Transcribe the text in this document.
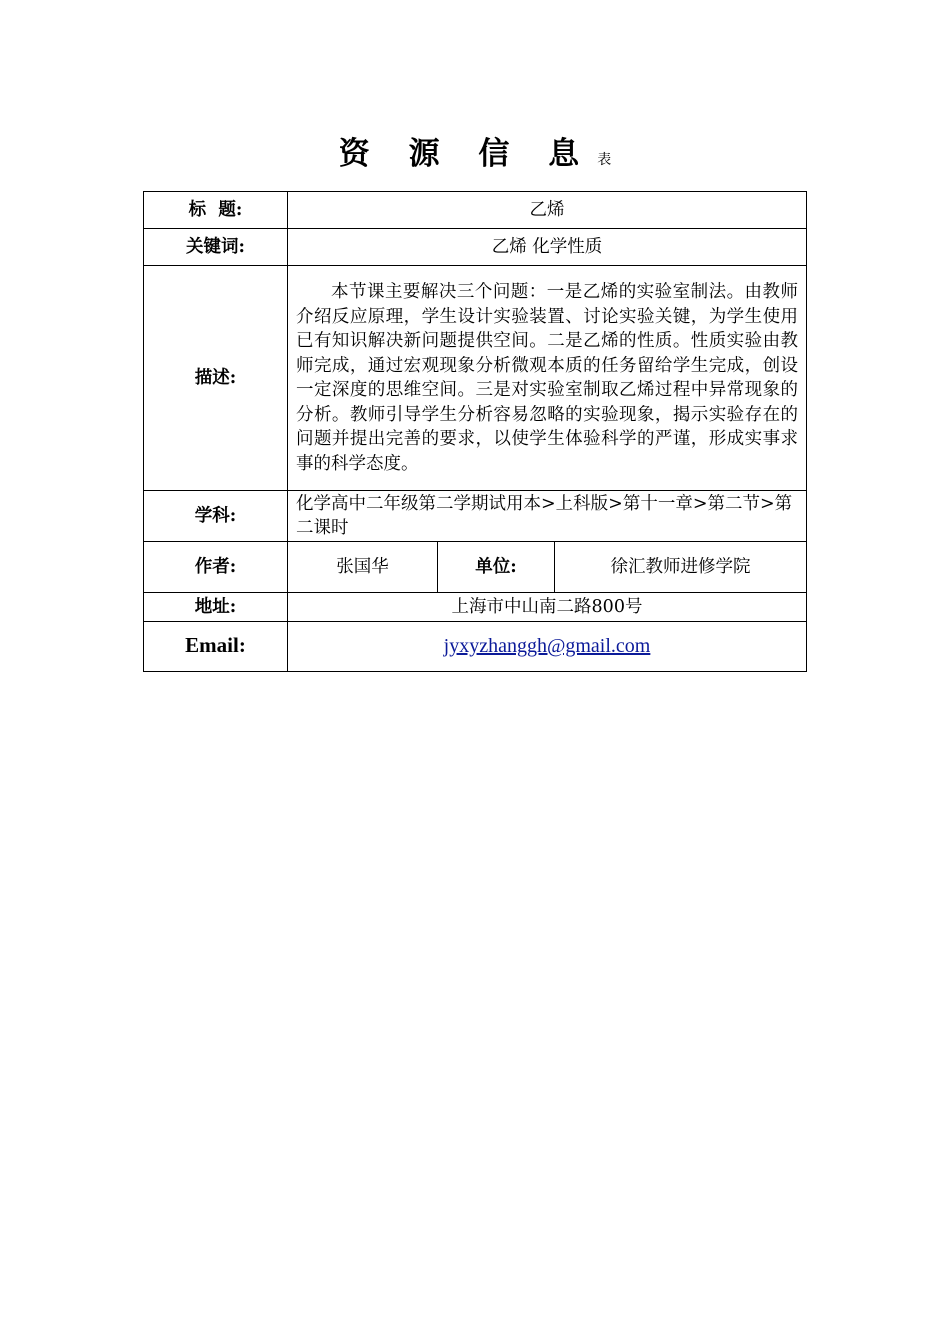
资 源 信 息 表
标  题:	乙烯		
关键词:	乙烯 化学性质		
描述:	本节课主要解决三个问题：一是乙烯的实验室制法。由教师介绍反应原理，学生设计实验装置、讨论实验关键，为学生使用已有知识解决新问题提供空间。二是乙烯的性质。性质实验由教师完成，通过宏观现象分析微观本质的任务留给学生完成，创设一定深度的思维空间。三是对实验室制取乙烯过程中异常现象的分析。教师引导学生分析容易忽略的实验现象，揭示实验存在的问题并提出完善的要求，以使学生体验科学的严谨，形成实事求事的科学态度。		
学科:	化学高中二年级第二学期试用本>上科版>第十一章>第二节>第二课时		
作者:	张国华	单位:	徐汇教师进修学院
地址:	上海市中山南二路800号		
Email:	jyxyzhanggh@gmail.com		
